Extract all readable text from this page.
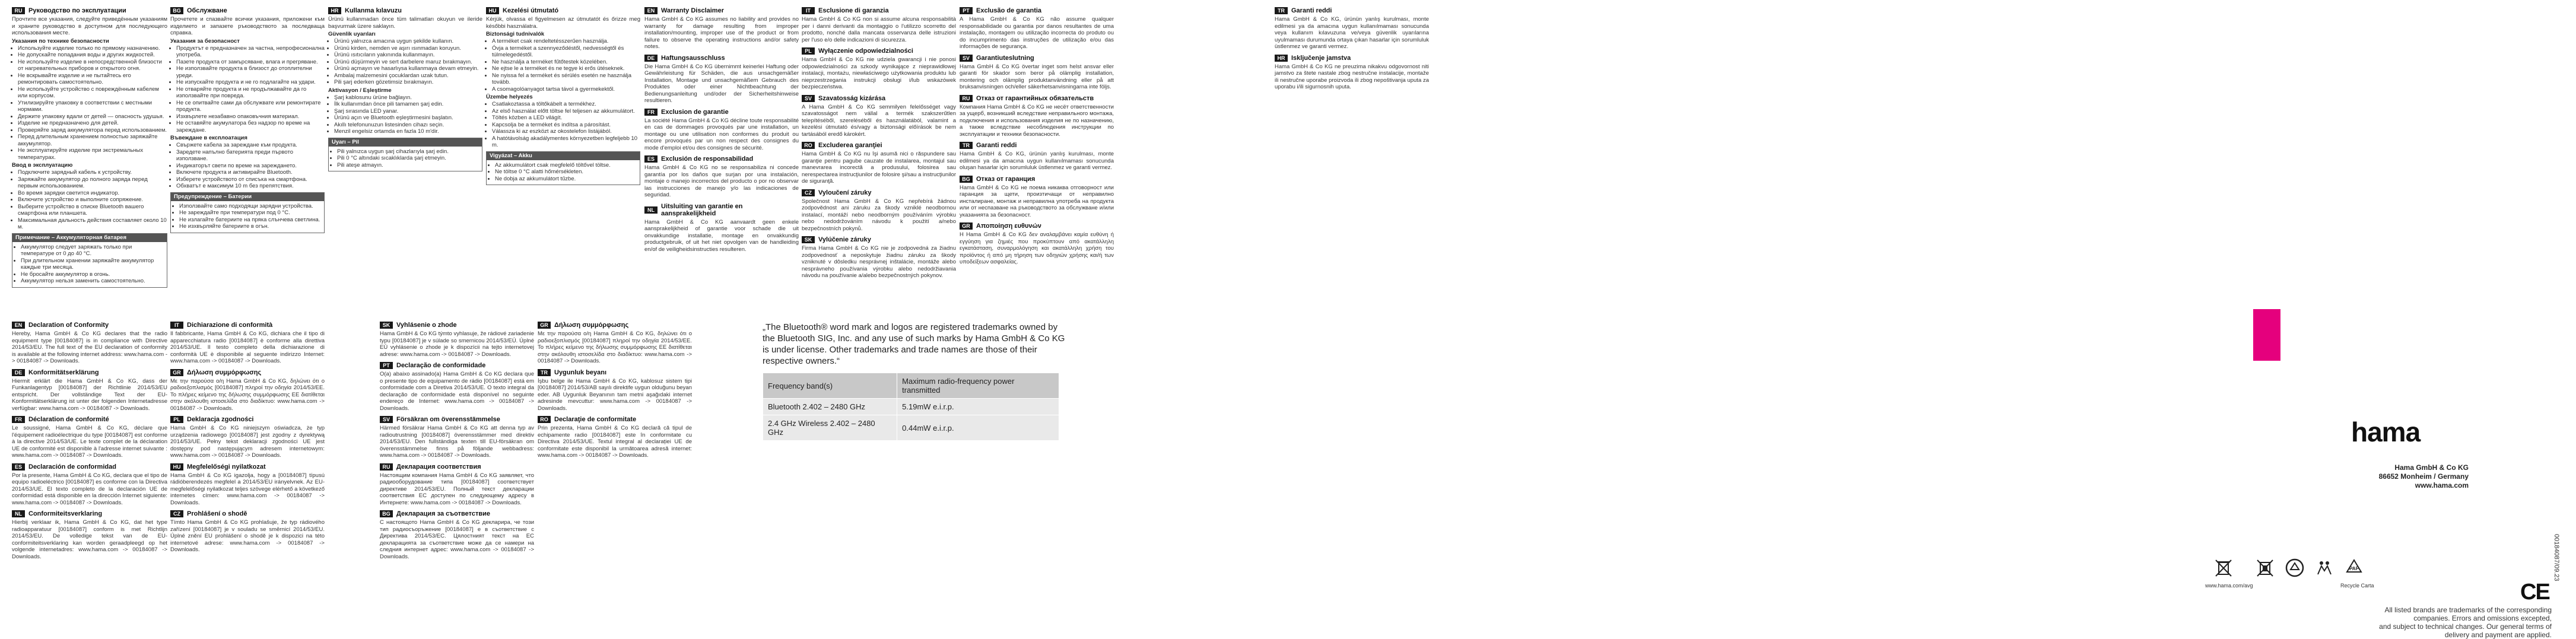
RU Руководство по эксплуатации

Прочтите все указания, следуйте приведённым указаниям и храните руководство в доступном для последующего использования месте.

Указания по технике безопасности
• Используйте изделие только по прямому назначению.
• Не допускайте попадания воды и других жидкостей.
• Не используйте изделие в непосредственной близости от нагревательных приборов и открытого огня.
• Не вскрывайте изделие и не пытайтесь его ремонтировать самостоятельно.
• Не используйте устройство с повреждённым кабелем или корпусом.
• Утилизируйте упаковку в соответствии с местными нормами.
• Держите упаковку вдали от детей — опасность удушья.
• Изделие не предназначено для детей.
• Проверяйте заряд аккумулятора перед использованием.
• Перед длительным хранением полностью заряжайте аккумулятор.
• Не эксплуатируйте изделие при экстремальных температурах.
Ввод в эксплуатацию
• Подключите зарядный кабель к устройству.
• Заряжайте аккумулятор до полного заряда перед первым использованием.
• Во время зарядки светится индикатор.
• Включите устройство и выполните сопряжение.
• Выберите устройство в списке Bluetooth вашего смартфона или планшета.
• Максимальная дальность действия составляет около 10 м.
Примечание – Аккумуляторная батарея
• Аккумулятор следует заряжать только при температуре от 0 до 40 °C.
• При длительном хранении заряжайте аккумулятор каждые три месяца.
• Не бросайте аккумулятор в огонь.
• Аккумулятор нельзя заменить самостоятельно.
BG Обслужване

Прочетете и спазвайте всички указания, приложени към изделието и запазете ръководството за последваща справка.

Указания за безопасност
• Продуктът е предназначен за частна, непрофесионална употреба.
• Пазете продукта от замърсяване, влага и прегряване.
• Не използвайте продукта в близост до отоплителни уреди.
• Не изпускайте продукта и не го подлагайте на удари.
• Не отваряйте продукта и не продължавайте да го използвайте при повреда.
• Не се опитвайте сами да обслужвате или ремонтирате продукта.
• Изхвърлете незабавно опаковъчния материал.
• Не оставяйте акумулатора без надзор по време на зареждане.
Въвеждане в експлоатация
• Свържете кабела за зареждане към продукта.
• Заредете напълно батерията преди първото използване.
• Индикаторът свети по време на зареждането.
• Включете продукта и активирайте Bluetooth.
• Изберете устройството от списъка на смартфона.
• Обхватът е максимум 10 m без препятствия.
Предупреждение – Батерии
• Използвайте само подходящи зарядни устройства.
• Не зареждайте при температури под 0 °C.
• Не излагайте батериите на пряка слънчева светлина.
• Не изхвърляйте батериите в огън.
HR Kullanma kılavuzu

Ürünü kullanmadan önce tüm talimatları okuyun ve ileride başvurmak üzere saklayın.

Güvenlik uyarıları
• Ürünü yalnızca amacına uygun şekilde kullanın.
• Ürünü kirden, nemden ve aşırı ısınmadan koruyun.
• Ürünü ısıtıcıların yakınında kullanmayın.
• Ürünü düşürmeyin ve sert darbelere maruz bırakmayın.
• Ürünü açmayın ve hasarlıysa kullanmaya devam etmeyin.
• Ambalaj malzemesini çocuklardan uzak tutun.
• Pili şarj ederken gözetimsiz bırakmayın.
Aktivasyon / Eşleştirme
• Şarj kablosunu ürüne bağlayın.
• İlk kullanımdan önce pili tamamen şarj edin.
• Şarj sırasında LED yanar.
• Ürünü açın ve Bluetooth eşleştirmesini başlatın.
• Akıllı telefonunuzun listesinden cihazı seçin.
• Menzil engelsiz ortamda en fazla 10 m'dir.
Uyarı – Pil
• Pili yalnızca uygun şarj cihazlarıyla şarj edin.
• Pili 0 °C altındaki sıcaklıklarda şarj etmeyin.
• Pili ateşe atmayın.
HU Kezelési útmutató

Kérjük, olvassa el figyelmesen az útmutatót és őrizze meg későbbi használatra.

Biztonsági tudnivalók
• A terméket csak rendeltetésszerűen használja.
• Óvja a terméket a szennyeződéstől, nedvességtől és túlmelegedéstől.
• Ne használja a terméket fűtőtestek közelében.
• Ne ejtse le a terméket és ne tegye ki erős ütéseknek.
• Ne nyissa fel a terméket és sérülés esetén ne használja tovább.
• A csomagolóanyagot tartsa távol a gyermekektől.
Üzembe helyezés
• Csatlakoztassa a töltőkábelt a termékhez.
• Az első használat előtt töltse fel teljesen az akkumulátort.
• Töltés közben a LED világít.
• Kapcsolja be a terméket és indítsa a párosítást.
• Válassza ki az eszközt az okostelefon listájából.
• A hatótávolság akadálymentes környezetben legfeljebb 10 m.
Vigyázat – Akku
• Az akkumulátort csak megfelelő töltővel töltse.
• Ne töltse 0 °C alatti hőmérsékleten.
• Ne dobja az akkumulátort tűzbe.
EN Warranty Disclaimer

Hama GmbH & Co KG assumes no liability and provides no warranty for damage resulting from improper installation/mounting, improper use of the product or from failure to observe the operating instructions and/or safety notes.

DE Haftungsausschluss

Die Hama GmbH & Co KG übernimmt keinerlei Haftung oder Gewährleistung für Schäden, die aus unsachgemäßer Installation, Montage und unsachgemäßem Gebrauch des Produktes oder einer Nichtbeachtung der Bedienungsanleitung und/oder der Sicherheitshinweise resultieren.

FR	Exclusion de garantie

La société Hama GmbH & Co KG décline toute responsabilité en cas de dommages provoqués par une installation, un montage ou une utilisation non conformes du produit ou encore provoqués par un non respect des consignes du mode d'emploi et/ou des consignes de sécurité.

ES	Exclusión de responsabilidad

Hama GmbH & Co KG no se responsabiliza ni concede garantía por los daños que surjan por una instalación, montaje o manejo incorrectos del producto o por no observar las instrucciones de manejo y/o las indicaciones de seguridad.

NL	Uitsluiting van garantie en aansprakelijkheid

Hama GmbH & Co KG aanvaardt geen enkele aansprakelijkheid of garantie voor schade die uit onvakkundige installatie, montage en onvakkundig productgebruik, of uit het niet opvolgen van de handleiding en/of de veiligheidsinstructies resulteren.

IT	Esclusione di garanzia

Hama GmbH & Co KG non si assume alcuna responsabilità per i danni derivanti da montaggio o l'utilizzo scorretto del prodotto, nonché dalla mancata osservanza delle istruzioni per l'uso e/o delle indicazioni di sicurezza.

PL	Wyłączenie odpowiedzialności

Hama GmbH & Co KG nie udziela gwarancji i nie ponosi odpowiedzialności za szkody wynikające z nieprawidłowej instalacji, montażu, niewłaściwego użytkowania produktu lub nieprzestrzegania instrukcji obsługi i/lub wskazówek bezpieczeństwa.

SV	Szavatosság kizárása

A Hama GmbH & Co KG semmilyen felelősséget vagy szavatosságot nem vállal a termék szakszerűtlen telepítéséből, szereléséből és használatából, valamint a kezelési útmutató és/vagy a biztonsági előírások be nem tartásából eredő károkért.

RO Excluderea garanţiei

Hama GmbH & Co KG nu îşi asumă nici o răspundere sau garanţie pentru pagube cauzate de instalarea, montajul sau manevrarea incorectă a produsului, folosirea sau nerespectarea instrucţiunilor de folosire şi/sau a instrucţiunilor de siguranţă.

CZ	Vyloučení záruky

Společnost Hama GmbH & Co KG nepřebírá žádnou zodpovědnost ani záruku za škody vzniklé neodbornou instalací, montáží nebo neodborným používáním výrobku nebo nedodržováním návodu k použití a/nebo bezpečnostních pokynů.

SK Vylúčenie záruky

Firma Hama GmbH & Co KG nie je zodpovedná za žiadnu zodpovednosť a neposkytuje žiadnu záruku za škody vzniknuté v dôsledku nesprávnej inštalácie, montáže alebo nesprávneho používania výrobku alebo nedodržiavania návodu na používanie a/alebo bezpečnostných pokynov.

PT	Exclusão de garantia

A Hama GmbH & Co KG não assume qualquer responsabilidade ou garantia por danos resultantes de uma instalação, montagem ou utilização incorrecta do produto ou do incumprimento das instruções de utilização e/ou das informações de segurança.

SV	Garantiuteslutning

Hama GmbH & Co KG övertar inget som helst ansvar eller garanti för skador som beror på olämplig installation, montering och olämplig produktanvändning eller på att bruksanvisningen och/eller säkerhetsanvisningarna inte följs.

RU Отказ от гарантийных обязательств

Компания Hama GmbH & Co KG не несёт ответственности за ущерб, возникший вследствие неправильного монтажа, подключения и использования изделия не по назначению, а также вследствие несоблюдения инструкции по эксплуатации и техники безопасности.

TR	Garanti reddi

Hama GmbH & Co KG, ürünün yanlış kurulması, monte edilmesi ya da amacına uygun kullanılmaması sonucunda oluşan hasarlar için sorumluluk üstlenmez ve garanti vermez.

BG Отказ от гаранция

Hama GmbH & Co KG не поема никаква отговорност или гаранция за щети, произтичащи от неправилно инсталиране, монтаж и неправилна употреба на продукта или от неспазване на ръководството за обслужване и/или указанията за безопасност.

GR Αποποίηση ευθυνών

Η Hama GmbH & Co KG δεν αναλαμβάνει καμία ευθύνη ή εγγύηση για ζημιές που προκύπτουν από ακατάλληλη εγκατάσταση, συναρμολόγηση και ακατάλληλη χρήση του προϊόντος ή από μη τήρηση των οδηγιών χρήσης και/ή των υποδείξεων ασφαλείας.

TR	Garanti reddi

Hama GmbH & Co KG, ürünün yanlış kurulması, monte edilmesi ya da amacına uygun kullanılmaması sonucunda veya kullanım kılavuzuna ve/veya güvenlik uyarılarına uyulmaması durumunda ortaya çıkan hasarlar için sorumluluk üstlenmez ve garanti vermez.

HR Isključenje jamstva

Hama GmbH & Co KG ne preuzima nikakvu odgovornost niti jamstvo za štete nastale zbog nestručne instalacije, montaže ili nestručne uporabe proizvoda ili zbog nepoštivanja uputa za uporabu i/ili sigurnosnih uputa.

EN Declaration of Conformity

Hereby, Hama GmbH & Co KG declares that the radio equipment type [00184087] is in compliance with Directive 2014/53/EU. The full text of the EU declaration of conformity is available at the following internet address: www.hama.com -> 00184087 -> Downloads.

DE Konformitätserklärung

Hiermit erklärt die Hama GmbH & Co KG, dass der Funkanlagentyp [00184087] der Richtlinie 2014/53/EU entspricht. Der vollständige Text der EU-Konformitätserklärung ist unter der folgenden Internetadresse verfügbar: www.hama.com -> 00184087 -> Downloads.

FR	Déclaration de conformité

Le soussigné, Hama GmbH & Co KG, déclare que l'équipement radioélectrique du type [00184087] est conforme à la directive 2014/53/UE. Le texte complet de la déclaration UE de conformité est disponible à l'adresse internet suivante : www.hama.com -> 00184087 -> Downloads.

ES	Declaración de conformidad

Por la presente, Hama GmbH & Co KG, declara que el tipo de equipo radioeléctrico [00184087] es conforme con la Directiva 2014/53/UE. El texto completo de la declaración UE de conformidad está disponible en la dirección Internet siguiente: www.hama.com -> 00184087 -> Downloads.

NL	Conformiteitsverklaring

Hierbij verklaar ik, Hama GmbH & Co KG, dat het type radioapparatuur [00184087] conform is met Richtlijn 2014/53/EU. De volledige tekst van de EU-conformiteitsverklaring kan worden geraadpleegd op het volgende internetadres: www.hama.com -> 00184087 -> Downloads.

IT	Dichiarazione di conformità

Il fabbricante, Hama GmbH & Co KG, dichiara che il tipo di apparecchiatura radio [00184087] è conforme alla direttiva 2014/53/UE. Il testo completo della dichiarazione di conformità UE è disponibile al seguente indirizzo Internet: www.hama.com -> 00184087 -> Downloads.

GR Δήλωση συμμόρφωσης

Με την παρούσα ο/η Hama GmbH & Co KG, δηλώνει ότι ο ραδιοεξοπλισμός [00184087] πληροί την οδηγία 2014/53/ΕΕ. Το πλήρες κείμενο της δήλωσης συμμόρφωσης ΕΕ διατίθεται στην ακόλουθη ιστοσελίδα στο διαδίκτυο: www.hama.com -> 00184087 -> Downloads.

PL	Deklaracja zgodności

Hama GmbH & Co KG niniejszym oświadcza, że typ urządzenia radiowego [00184087] jest zgodny z dyrektywą 2014/53/UE. Pełny tekst deklaracji zgodności UE jest dostępny pod następującym adresem internetowym: www.hama.com -> 00184087 -> Downloads.

HU Megfelelőségi nyilatkozat

Hama GmbH & Co KG igazolja, hogy a [00184087] típusú rádióberendezés megfelel a 2014/53/EU irányelvnek. Az EU-megfelelőségi nyilatkozat teljes szövege elérhető a következő internetes címen: www.hama.com -> 00184087 -> Downloads.

CZ	Prohlášení o shodě

Tímto Hama GmbH & Co KG prohlašuje, že typ rádiového zařízení [00184087] je v souladu se směrnicí 2014/53/EU. Úplné znění EU prohlášení o shodě je k dispozici na této internetové adrese: www.hama.com -> 00184087 -> Downloads.

SK Vyhlásenie o zhode

Hama GmbH & Co KG týmto vyhlasuje, že rádiové zariadenie typu [00184087] je v súlade so smernicou 2014/53/EÚ. Úplné EÚ vyhlásenie o zhode je k dispozícii na tejto internetovej adrese: www.hama.com -> 00184087 -> Downloads.

PT	Declaração de conformidade

O(a) abaixo assinado(a) Hama GmbH & Co KG declara que o presente tipo de equipamento de rádio [00184087] está em conformidade com a Diretiva 2014/53/UE. O texto integral da declaração de conformidade está disponível no seguinte endereço de Internet: www.hama.com -> 00184087 -> Downloads.

SV	Försäkran om överensstämmelse

Härmed försäkrar Hama GmbH & Co KG att denna typ av radioutrustning [00184087] överensstämmer med direktiv 2014/53/EU. Den fullständiga texten till EU-försäkran om överensstämmelse finns på följande webbadress: www.hama.com -> 00184087 -> Downloads.

RU Декларация соответствия

Настоящим компания Hama GmbH & Co KG заявляет, что радиооборудование типа [00184087] соответствует директиве 2014/53/EU. Полный текст декларации соответствия ЕС доступен по следующему адресу в Интернете: www.hama.com -> 00184087 -> Downloads.

BG Декларация за съответствие

С настоящото Hama GmbH & Co KG декларира, че този тип радиосъоръжение [00184087] е в съответствие с Директива 2014/53/ЕС. Цялостният текст на ЕС декларацията за съответствие може да се намери на следния интернет адрес: www.hama.com -> 00184087 -> Downloads.

GR Δήλωση συμμόρφωσης

Με την παρούσα ο/η Hama GmbH & Co KG, δηλώνει ότι ο ραδιοεξοπλισμός [00184087] πληροί την οδηγία 2014/53/ΕΕ. Το πλήρες κείμενο της δήλωσης συμμόρφωσης ΕΕ διατίθεται στην ακόλουθη ιστοσελίδα στο διαδίκτυο: www.hama.com -> 00184087 -> Downloads.

TR	Uygunluk beyanı

İşbu belge ile Hama GmbH & Co KG, kablosuz sistem tipi [00184087] 2014/53/AB sayılı direktife uygun olduğunu beyan eder. AB Uygunluk Beyanının tam metni aşağıdaki internet adresinde mevcuttur: www.hama.com -> 00184087 -> Downloads.

RO Declaraţie de conformitate

Prin prezenta, Hama GmbH & Co KG declară că tipul de echipamente radio [00184087] este în conformitate cu Directiva 2014/53/UE. Textul integral al declarației UE de conformitate este disponibil la următoarea adresă internet: www.hama.com -> 00184087 -> Downloads.

„The Bluetooth® word mark and logos are registered trademarks owned by the Bluetooth SIG, Inc. and any use of such marks by Hama GmbH & Co KG is under license. Other trademarks and trade names are those of their respective owners.“
Frequency band(s)	Maximum radio-frequency power transmitted
Bluetooth 2.402 – 2480 GHz	5.19mW e.i.r.p.
2.4 GHz Wireless 2.402 – 2480 GHz	0.44mW e.i.r.p.	hama
Hama GmbH & Co KG
86652 Monheim / Germany
www.hama.com
www.hama.com/avg
PAP
Recycle Carta	CE
00184087/09.23
All listed brands are trademarks of the corresponding companies. Errors and omissions excepted,
and subject to technical changes. Our general terms of delivery and payment are applied.
